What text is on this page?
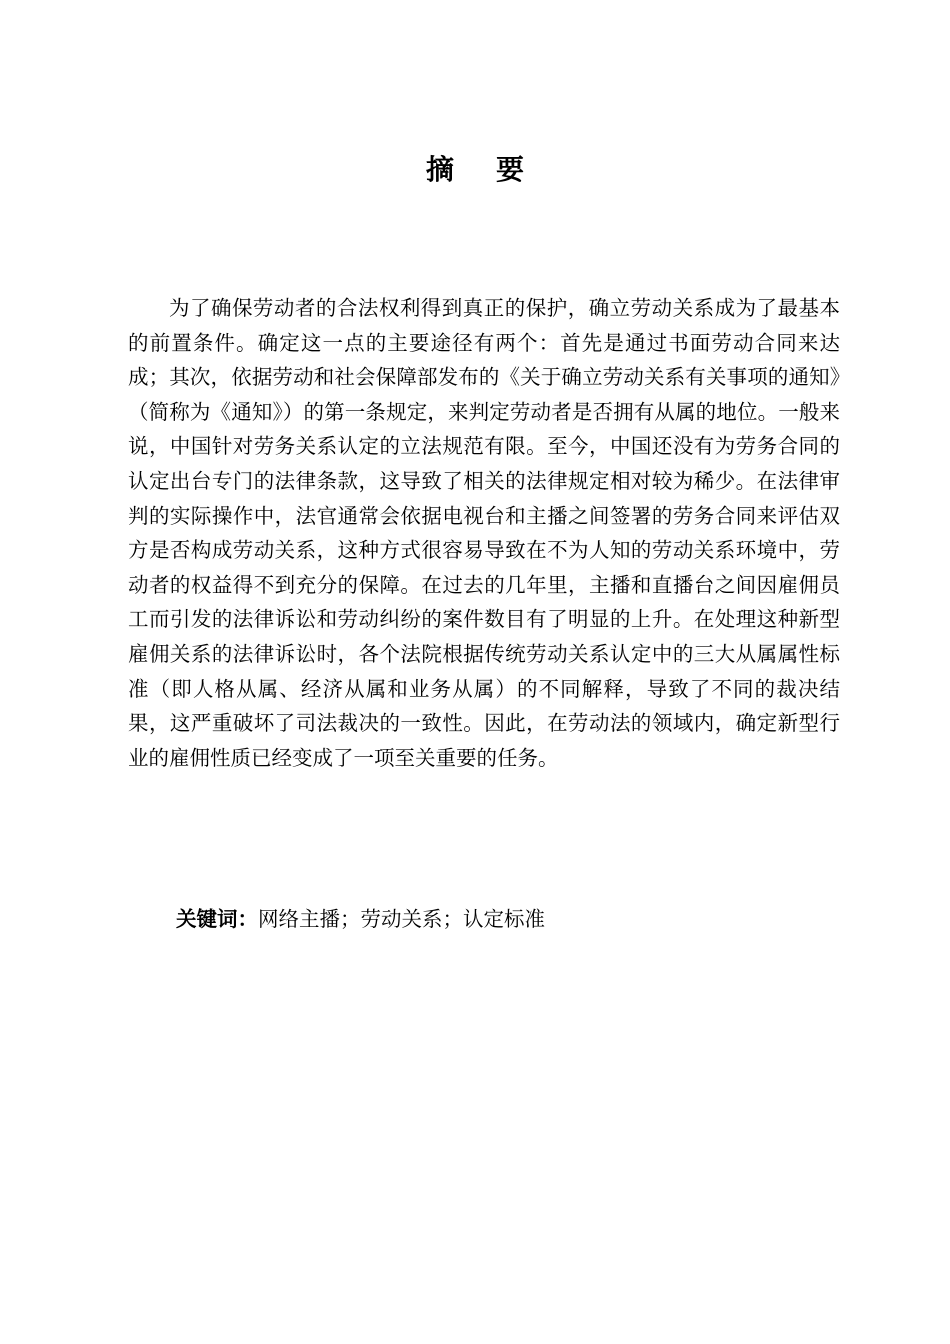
摘要

为了确保劳动者的合法权利得到真正的保护，确立劳动关系成为了最基本的前置条件。确定这一点的主要途径有两个：首先是通过书面劳动合同来达成；其次，依据劳动和社会保障部发布的《关于确立劳动关系有关事项的通知》（简称为《通知》）的第一条规定，来判定劳动者是否拥有从属的地位。一般来说，中国针对劳务关系认定的立法规范有限。至今，中国还没有为劳务合同的认定出台专门的法律条款，这导致了相关的法律规定相对较为稀少。在法律审判的实际操作中，法官通常会依据电视台和主播之间签署的劳务合同来评估双方是否构成劳动关系，这种方式很容易导致在不为人知的劳动关系环境中，劳动者的权益得不到充分的保障。在过去的几年里，主播和直播台之间因雇佣员工而引发的法律诉讼和劳动纠纷的案件数目有了明显的上升。在处理这种新型雇佣关系的法律诉讼时，各个法院根据传统劳动关系认定中的三大从属属性标准（即人格从属、经济从属和业务从属）的不同解释，导致了不同的裁决结果，这严重破坏了司法裁决的一致性。因此，在劳动法的领域内，确定新型行业的雇佣性质已经变成了一项至关重要的任务。

关键词：网络主播；劳动关系；认定标准
